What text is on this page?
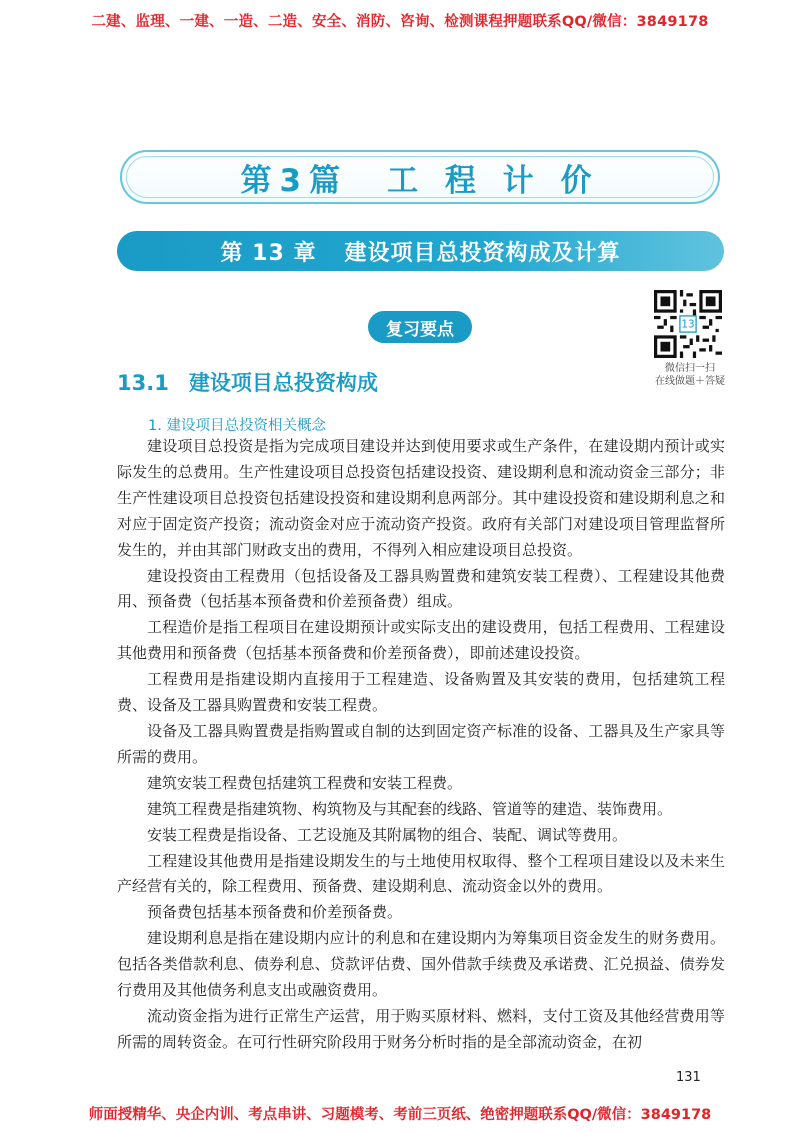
二建、监理、一建、一造、二造、安全、消防、咨询、检测课程押题联系QQ/微信：3849178
第3篇　工 程 计 价
第 13 章 建设项目总投资构成及计算
复习要点	13
微信扫一扫
在线做题＋答疑
13.1 建设项目总投资构成
1. 建设项目总投资相关概念

建设项目总投资是指为完成项目建设并达到使用要求或生产条件，在建设期内预计或实际发生的总费用。生产性建设项目总投资包括建设投资、建设期利息和流动资金三部分；非生产性建设项目总投资包括建设投资和建设期利息两部分。其中建设投资和建设期利息之和对应于固定资产投资；流动资金对应于流动资产投资。政府有关部门对建设项目管理监督所发生的，并由其部门财政支出的费用，不得列入相应建设项目总投资。

建设投资由工程费用（包括设备及工器具购置费和建筑安装工程费）、工程建设其他费用、预备费（包括基本预备费和价差预备费）组成。

工程造价是指工程项目在建设期预计或实际支出的建设费用，包括工程费用、工程建设其他费用和预备费（包括基本预备费和价差预备费），即前述建设投资。

工程费用是指建设期内直接用于工程建造、设备购置及其安装的费用，包括建筑工程费、设备及工器具购置费和安装工程费。

设备及工器具购置费是指购置或自制的达到固定资产标准的设备、工器具及生产家具等所需的费用。

建筑安装工程费包括建筑工程费和安装工程费。

建筑工程费是指建筑物、构筑物及与其配套的线路、管道等的建造、装饰费用。

安装工程费是指设备、工艺设施及其附属物的组合、装配、调试等费用。

工程建设其他费用是指建设期发生的与土地使用权取得、整个工程项目建设以及未来生产经营有关的，除工程费用、预备费、建设期利息、流动资金以外的费用。

预备费包括基本预备费和价差预备费。

建设期利息是指在建设期内应计的利息和在建设期内为筹集项目资金发生的财务费用。包括各类借款利息、债券利息、贷款评估费、国外借款手续费及承诺费、汇兑损益、债券发行费用及其他债务利息支出或融资费用。

流动资金指为进行正常生产运营，用于购买原材料、燃料，支付工资及其他经营费用等所需的周转资金。在可行性研究阶段用于财务分析时指的是全部流动资金，在初

131
师面授精华、央企内训、考点串讲、习题模考、考前三页纸、绝密押题联系QQ/微信：3849178
